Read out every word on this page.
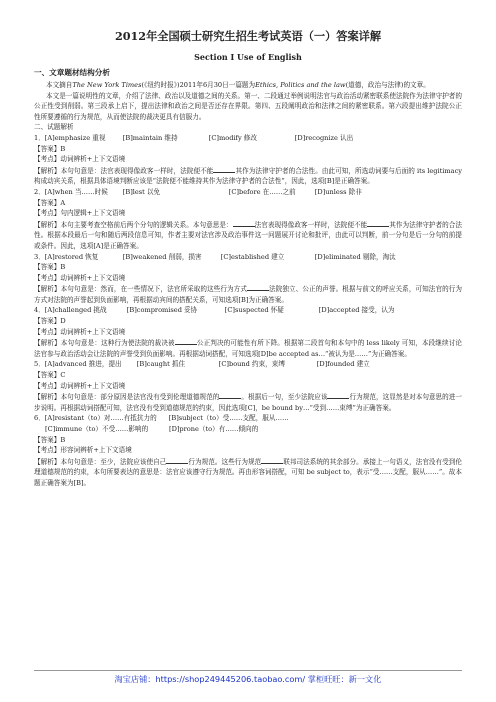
2012年全国硕士研究生招生考试英语（一）答案详解
Section I Use of English
一、文章题材结构分析

本文摘自The New York Times(《纽约时报》)2011年6月30日一篇题为Ethics, Politics and the law(道德，政治与法律)的文章。

本文是一篇说明性的文章，介绍了法律、政治以及道德之间的关系。第一、二段通过举例说明法官与政治活动紧密联系使法院作为法律守护者的公正性受到削弱。第三段承上启下，提出法律和政治之间是否还存在界限。第四、五段阐明政治和法律之间的紧密联系。第六段提出维护法院公正性所要遵循的行为规范，从而使法院的裁决更具有信服力。

二、试题解析
1． [A]emphasize 重视	[B]maintain 维持	[C]modify 修改	[D]recognize 认出
【答案】B
【考点】动词辨析+上下文语境

【解析】本句句意是：法官表现得像政客一样时，法院便不能	其作为法律守护者的合法性。由此可知，所选动词要与后面的 its legitimacy 构成动宾关系，根据具体语境判断应该是“法院便不能维持其作为法律守护者的合法性”，因此，选项[B]是正确答案。

2． [A]when 当……时候	[B]lest 以免	[C]before 在……之前	[D]unless 除非
【答案】A
【考点】句内逻辑+上下文语境

【解析】本句主要考查空格前后两个分句的逻辑关系。本句意思是：	法官表现得像政客一样时，法院便不能	其作为法律守护者的合法性。根据本段最后一句和随后两段信息可知，作者主要对法官涉及政治事件这一问题展开讨论和批评，由此可以判断，前一分句是后一分句的前提或条件。因此，选项[A]是正确答案。

3． [A]restored 恢复	[B]weakened 削弱，损害	[C]established 建立	[D]eliminated 剔除，淘汰
【答案】B
【考点】动词辨析+上下文语境

【解析】本句句意是：然而，在一些情况下，法官所采取的这些行为方式	法院独立、公正的声誉。根据与前文的呼应关系，可知法官的行为方式对法院的声誉起到负面影响，再根据动宾间的搭配关系，可知选项[B]为正确答案。

4． [A]challenged 挑战	[B]compromised 妥协	[C]suspected 怀疑	[D]accepted 接受，认为
【答案】D
【考点】动词辨析+上下文语境

【解析】本句句意是：这种行为使法院的裁决被	公正判决的可能性有所下降。根据第二段首句和本句中的 less likely 可知，本段继续讨论法官参与政治活动会让法院的声誉受到负面影响。再根据动词搭配，可知选项[D]be accepted as…“被认为是……”为正确答案。

5． [A]advanced 推进，提出	[B]caught 抓住	[C]bound 约束，束缚	[D]founded 建立
【答案】C
【考点】动词辨析+上下文语境

【解析】本句句意是：部分原因是法官没有受到伦理道德规范的	。根据后一句，至少法院应该	行为规范，这显然是对本句意思的进一步说明。再根据动词搭配可知，法官没有受到道德规范的约束，因此选项[C]，be bound by…“受到……束缚”为正确答案。

6． [A]resistant（to）对……有抵抗力的	[B]subject（to）受……支配，服从……
[C]immune（to）不受……影响的	[D]prone（to）有……倾向的
【答案】B
【考点】形容词辨析+上下文语境

【解析】本句句意是：至少，法院应该使自己	行为规范。这些行为规范	联邦司法系统的其余部分。承接上一句语义，法官没有受到伦理道德规范的约束，本句所要表达的意思是：法官应该遵守行为规范。再由形容词搭配，可知 be subject to，表示“受……支配，服从……”。故本题正确答案为[B]。

淘宝店铺：https://shop249445206.taobao.com/ 掌柜旺旺：新一文化
